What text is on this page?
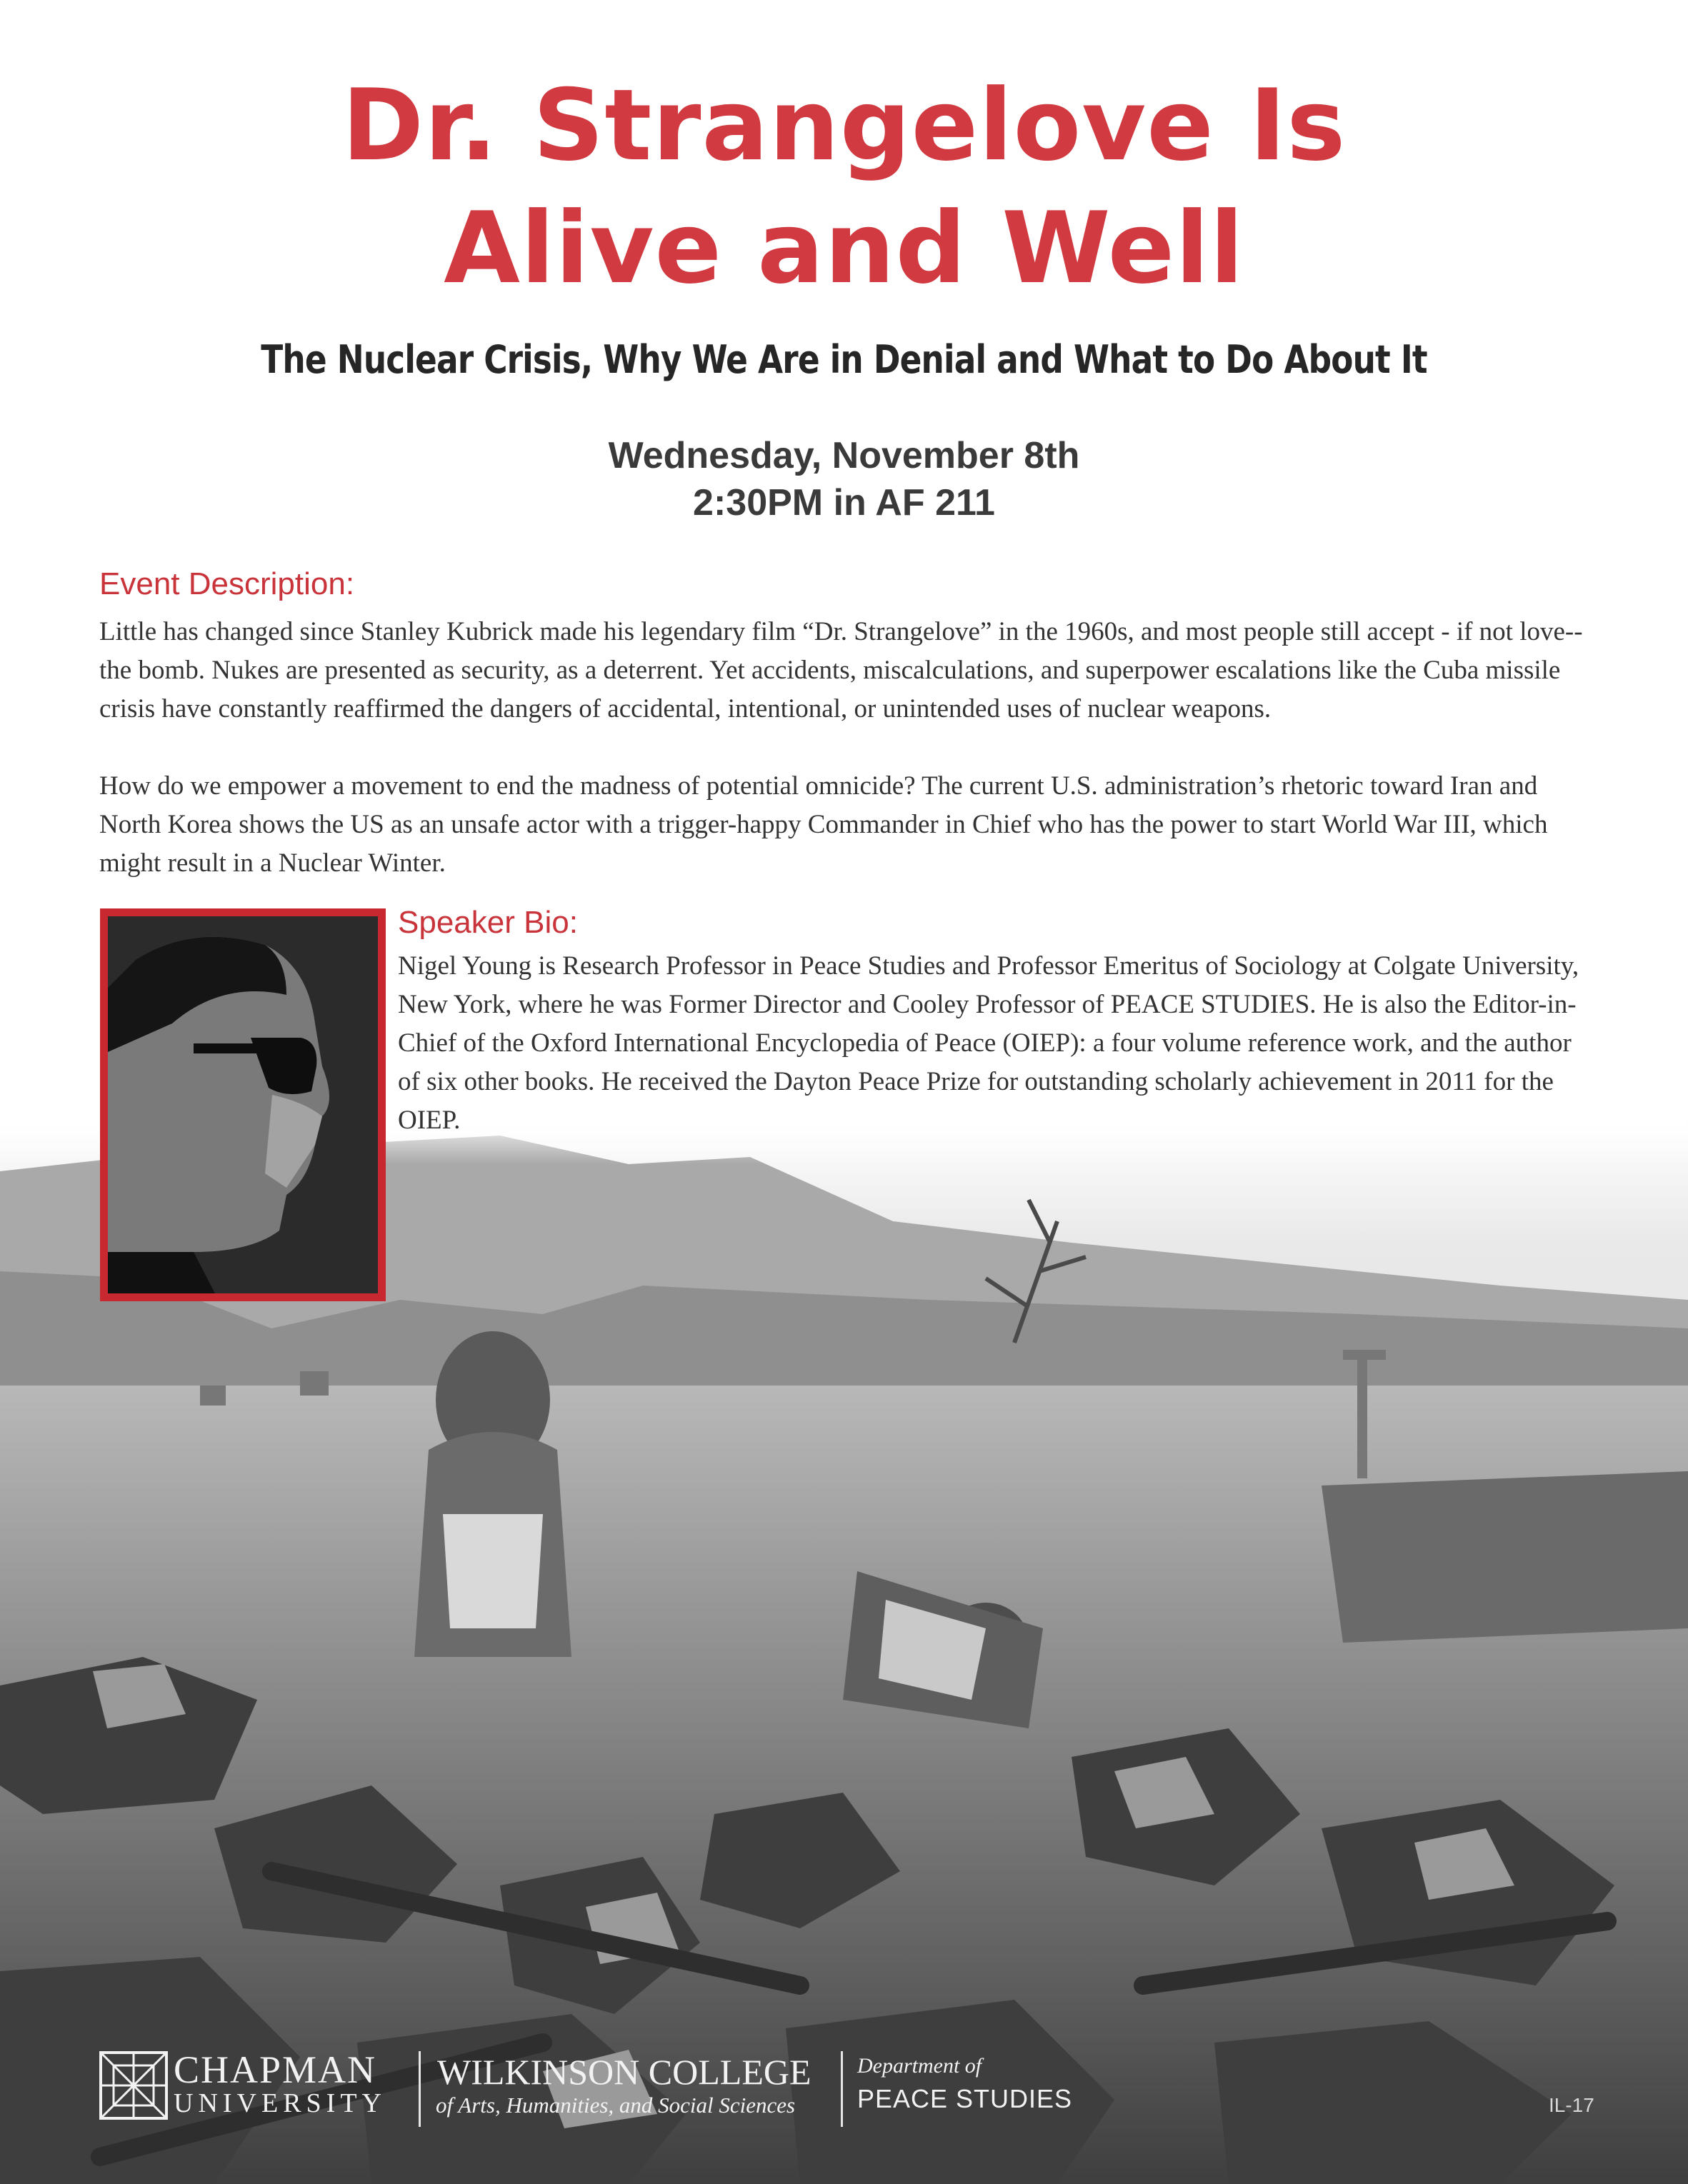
Dr. Strangelove Is
Alive and Well
The Nuclear Crisis, Why We Are in Denial and What to Do About It
Wednesday, November 8th
2:30PM in AF 211
Event Description:

Little has changed since Stanley Kubrick made his legendary film “Dr. Strangelove” in the 1960s, and most people still accept - if not love--the bomb. Nukes are presented as security, as a deterrent. Yet accidents, miscalculations, and superpower escalations like the Cuba missile crisis have constantly reaffirmed the dangers of accidental, intentional, or unintended uses of nuclear weapons.

How do we empower a movement to end the madness of potential omnicide? The current U.S. administration’s rhetoric toward Iran and North Korea shows the US as an unsafe actor with a trigger-happy Commander in Chief who has the power to start World War III, which might result in a Nuclear Winter.

Speaker Bio:

Nigel Young is Research Professor in Peace Studies and Professor Emeritus of Sociology at Colgate University, New York, where he was Former Director and Cooley Professor of PEACE STUDIES. He is also the Editor-in-Chief of the Oxford International Encyclopedia of Peace (OIEP): a four volume reference work, and the author of six other books. He received the Dayton Peace Prize for outstanding scholarly achievement in 2011 for the OIEP.

CHAPMAN
UNIVERSITY
WILKINSON COLLEGE
of Arts, Humanities, and Social Sciences
Department of
PEACE STUDIES	IL-17
